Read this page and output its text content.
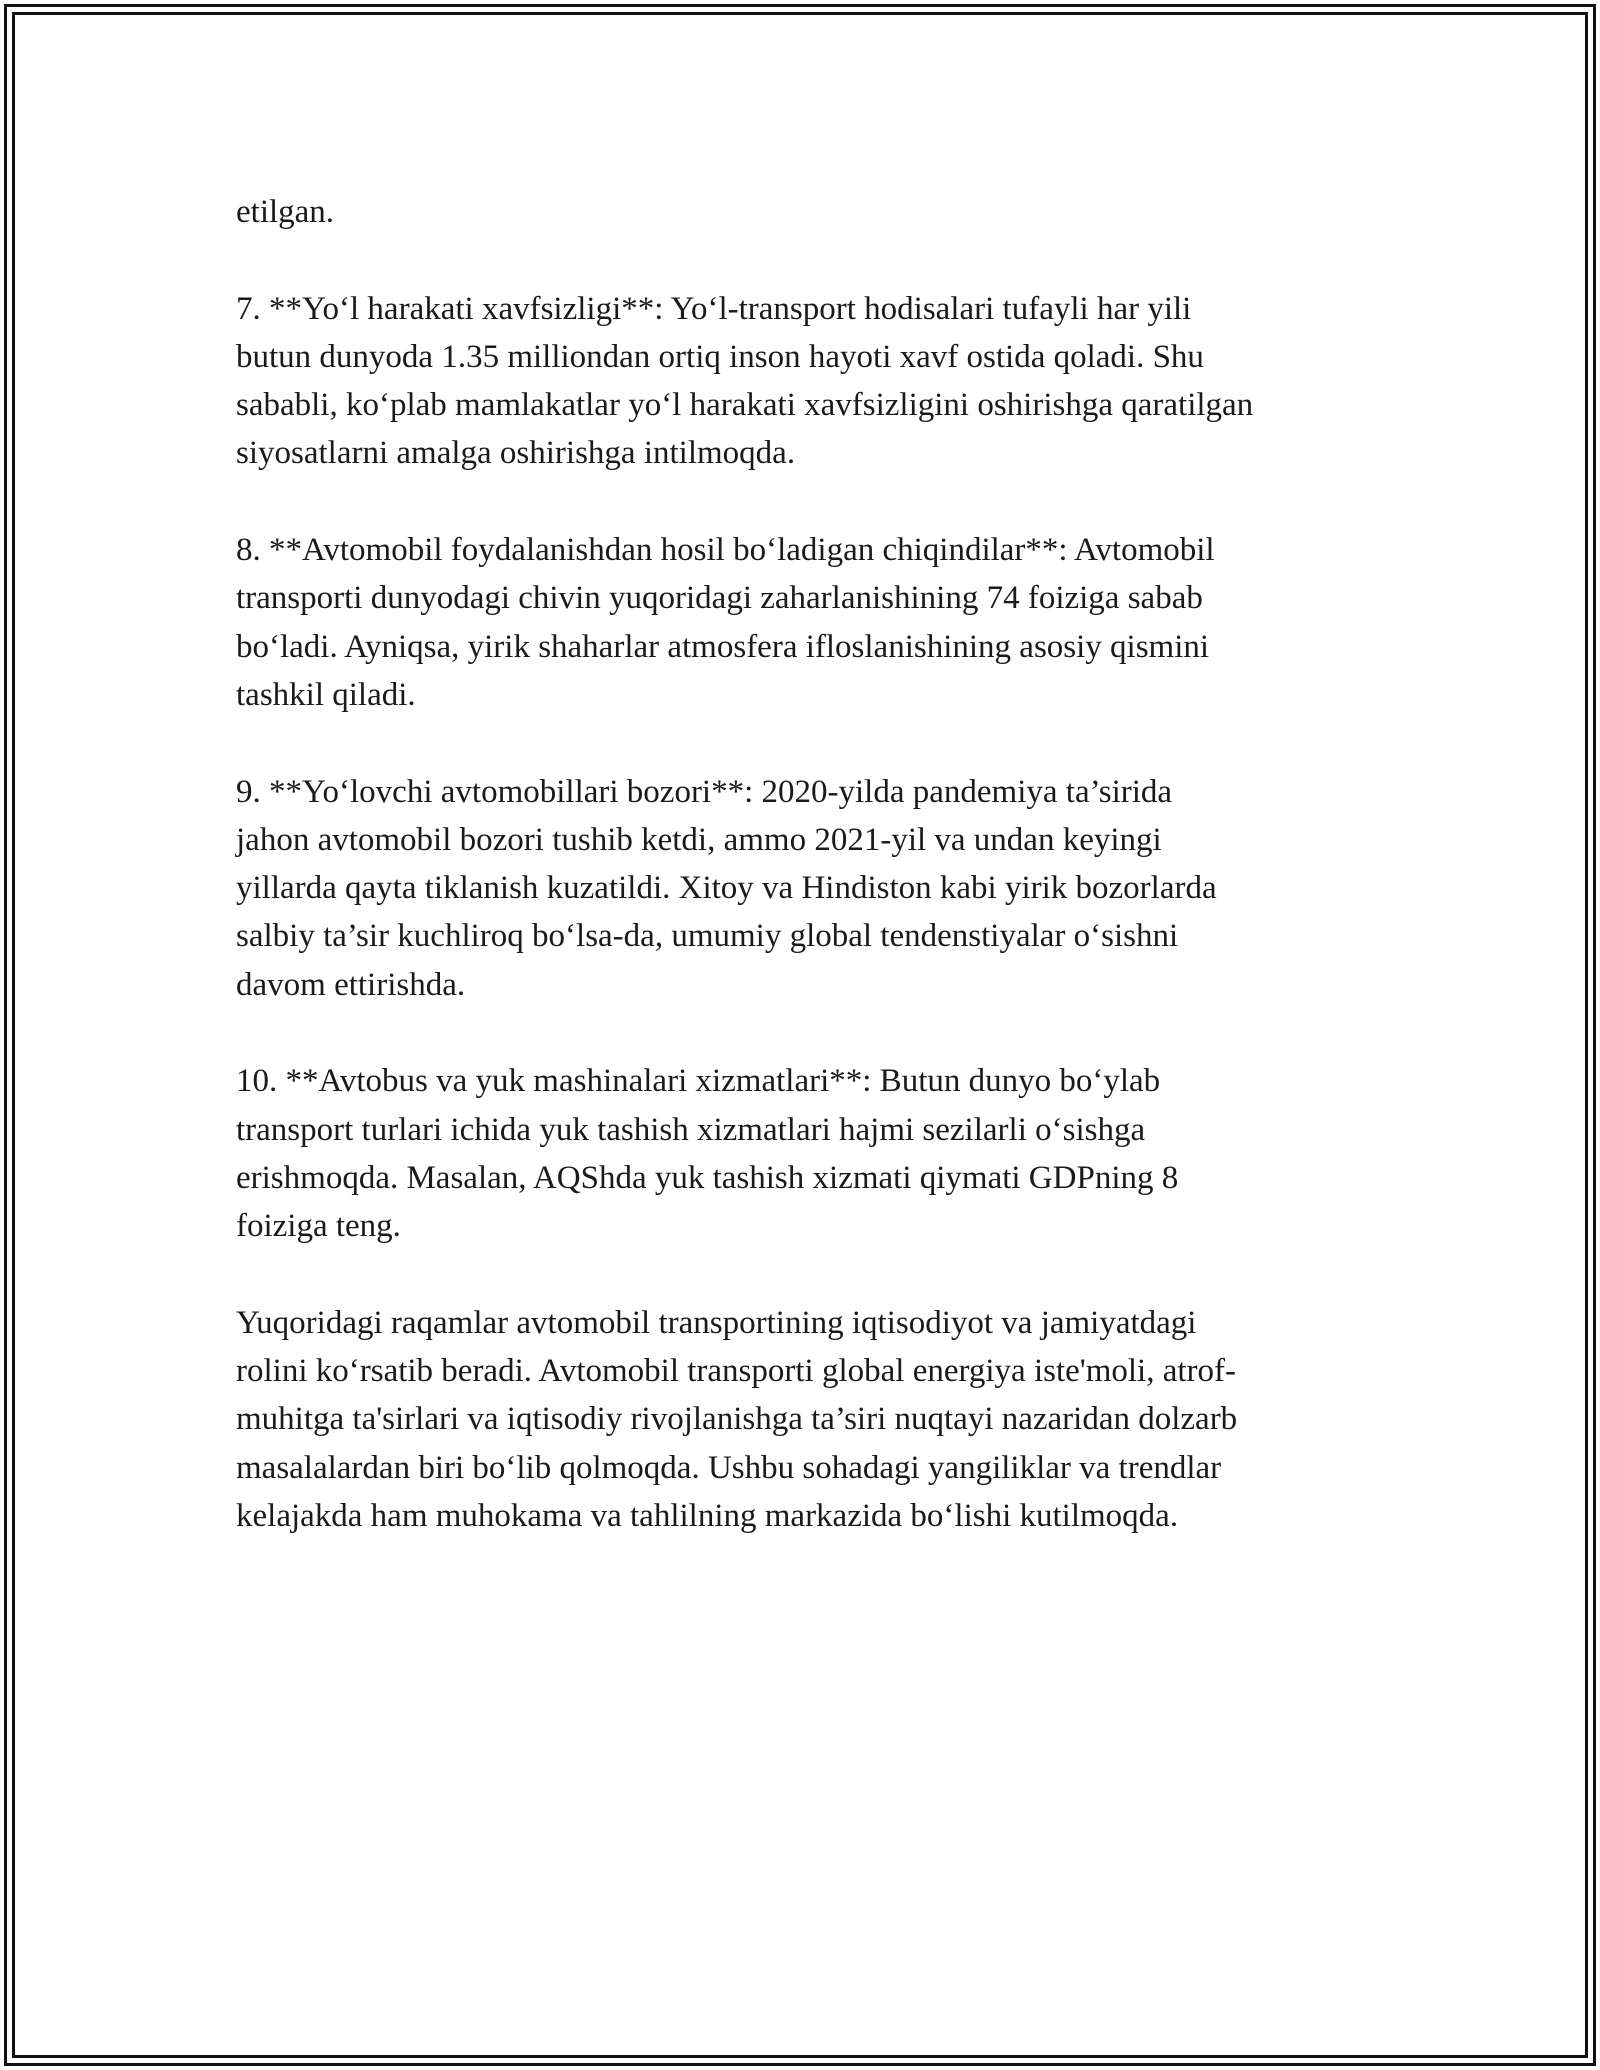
etilgan.

7. **Yo‘l harakati xavfsizligi**: Yo‘l-transport hodisalari tufayli har yili
butun dunyoda 1.35 milliondan ortiq inson hayoti xavf ostida qoladi. Shu
sababli, ko‘plab mamlakatlar yo‘l harakati xavfsizligini oshirishga qaratilgan
siyosatlarni amalga oshirishga intilmoqda.

8. **Avtomobil foydalanishdan hosil bo‘ladigan chiqindilar**: Avtomobil
transporti dunyodagi chivin yuqoridagi zaharlanishining 74 foiziga sabab
bo‘ladi. Ayniqsa, yirik shaharlar atmosfera ifloslanishining asosiy qismini
tashkil qiladi.

9. **Yo‘lovchi avtomobillari bozori**: 2020-yilda pandemiya ta’sirida
jahon avtomobil bozori tushib ketdi, ammo 2021-yil va undan keyingi
yillarda qayta tiklanish kuzatildi. Xitoy va Hindiston kabi yirik bozorlarda
salbiy ta’sir kuchliroq bo‘lsa-da, umumiy global tendenstiyalar o‘sishni
davom ettirishda.

10. **Avtobus va yuk mashinalari xizmatlari**: Butun dunyo bo‘ylab
transport turlari ichida yuk tashish xizmatlari hajmi sezilarli o‘sishga
erishmoqda. Masalan, AQShda yuk tashish xizmati qiymati GDPning 8
foiziga teng.

Yuqoridagi raqamlar avtomobil transportining iqtisodiyot va jamiyatdagi
rolini ko‘rsatib beradi. Avtomobil transporti global energiya iste'moli, atrof-
muhitga ta'sirlari va iqtisodiy rivojlanishga ta’siri nuqtayi nazaridan dolzarb
masalalardan biri bo‘lib qolmoqda. Ushbu sohadagi yangiliklar va trendlar
kelajakda ham muhokama va tahlilning markazida bo‘lishi kutilmoqda.
